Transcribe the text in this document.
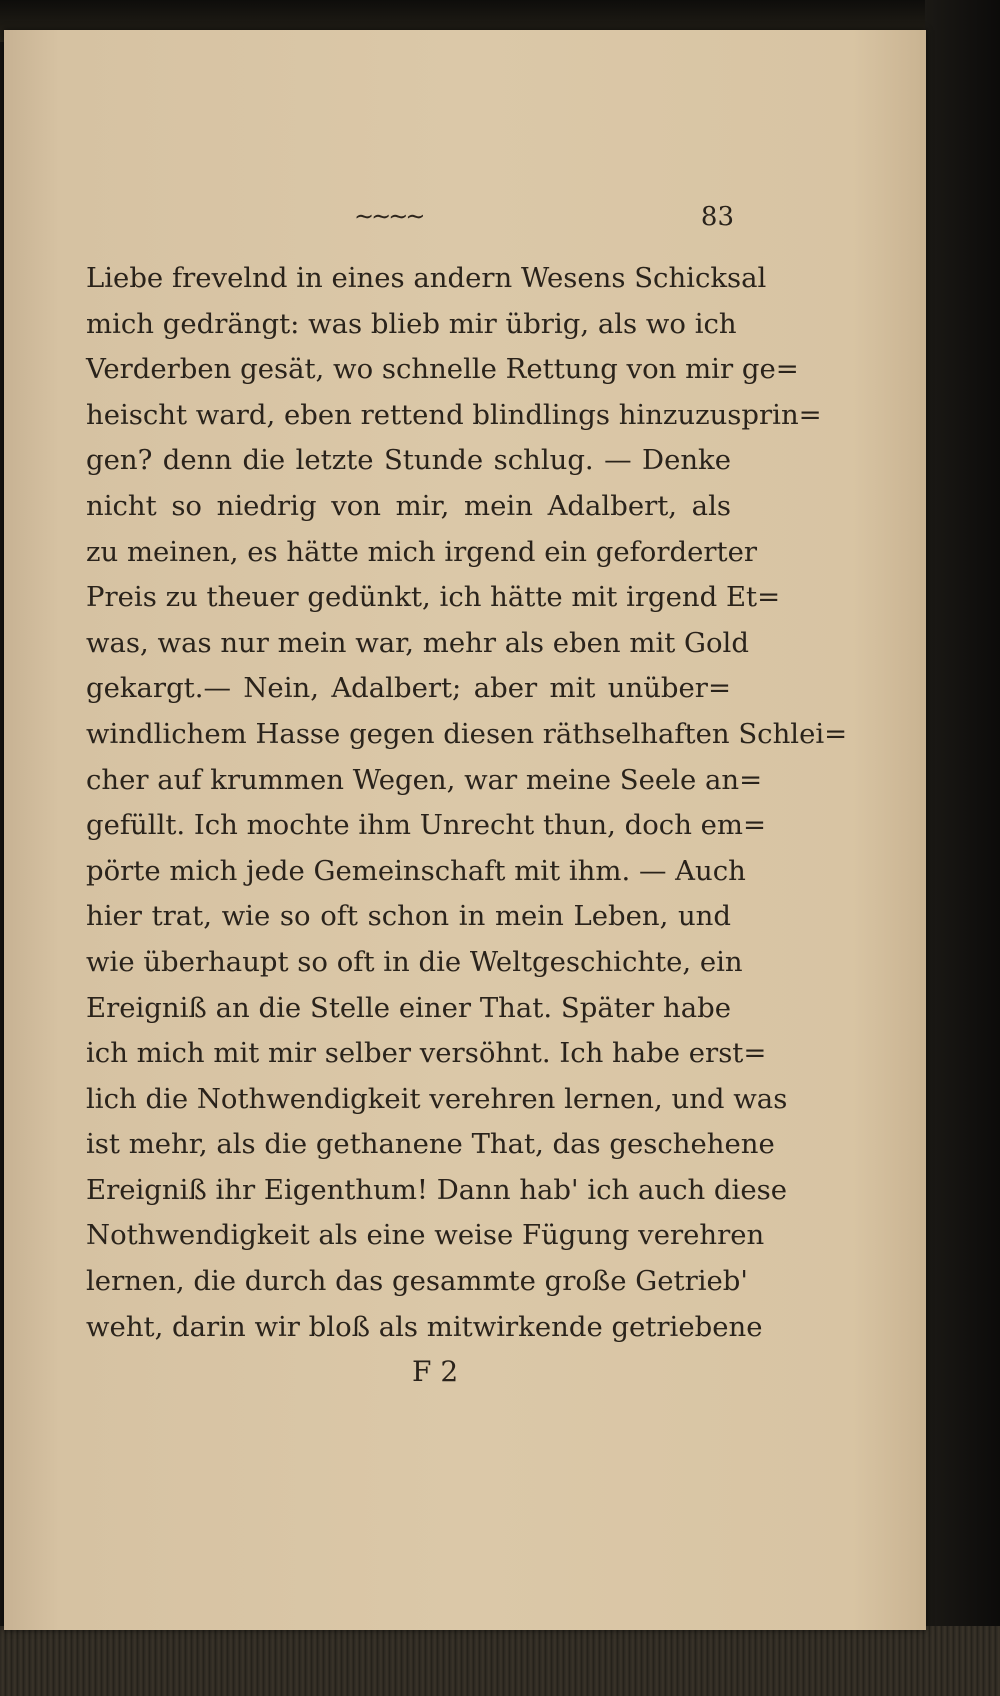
∼∼∼∼	83
Liebe frevelnd in eines andern Wesens Schicksal
mich gedrängt: was blieb mir übrig, als wo ich
Verderben gesät, wo schnelle Rettung von mir ge=
heischt ward, eben rettend blindlings hinzuzusprin=
gen? denn die letzte Stunde schlug. — Denke
nicht so niedrig von mir, mein Adalbert, als
zu meinen, es hätte mich irgend ein geforderter
Preis zu theuer gedünkt, ich hätte mit irgend Et=
was, was nur mein war, mehr als eben mit Gold
gekargt.— Nein, Adalbert; aber mit unüber=
windlichem Hasse gegen diesen räthselhaften Schlei=
cher auf krummen Wegen, war meine Seele an=
gefüllt. Ich mochte ihm Unrecht thun, doch em=
pörte mich jede Gemeinschaft mit ihm. — Auch
hier trat, wie so oft schon in mein Leben, und
wie überhaupt so oft in die Weltgeschichte, ein
Ereigniß an die Stelle einer That. Später habe
ich mich mit mir selber versöhnt. Ich habe erst=
lich die Nothwendigkeit verehren lernen, und was
ist mehr, als die gethanene That, das geschehene
Ereigniß ihr Eigenthum! Dann hab' ich auch diese
Nothwendigkeit als eine weise Fügung verehren
lernen, die durch das gesammte große Getrieb'
weht, darin wir bloß als mitwirkende getriebene
F 2
